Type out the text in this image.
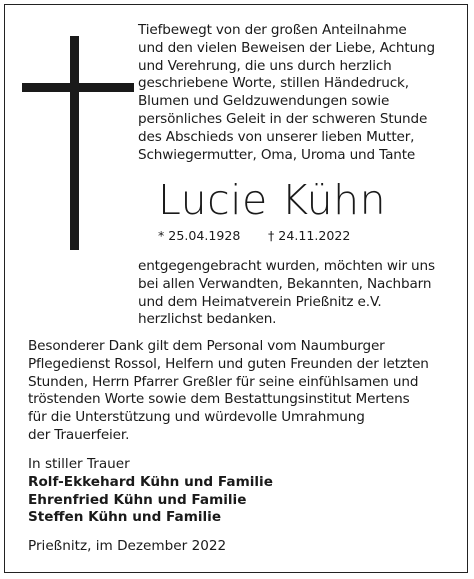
Tiefbewegt von der großen Anteilnahme
und den vielen Beweisen der Liebe, Achtung
und Verehrung, die uns durch herzlich
geschriebene Worte, stillen Händedruck,
Blumen und Geldzuwendungen sowie
persönliches Geleit in der schweren Stunde
des Abschieds von unserer lieben Mutter,
Schwiegermutter, Oma, Uroma und Tante
Lucie Kühn
* 25.04.1928 † 24.11.2022
entgegengebracht wurden, möchten wir uns
bei allen Verwandten, Bekannten, Nachbarn
und dem Heimatverein Prießnitz e.V.
herzlichst bedanken.
Besonderer Dank gilt dem Personal vom Naumburger
Pflegedienst Rossol, Helfern und guten Freunden der letzten
Stunden, Herrn Pfarrer Greßler für seine einfühlsamen und
tröstenden Worte sowie dem Bestattungsinstitut Mertens
für die Unterstützung und würdevolle Umrahmung
der Trauerfeier.
In stiller Trauer
Rolf-Ekkehard Kühn und Familie
Ehrenfried Kühn und Familie
Steffen Kühn und Familie
Prießnitz, im Dezember 2022
